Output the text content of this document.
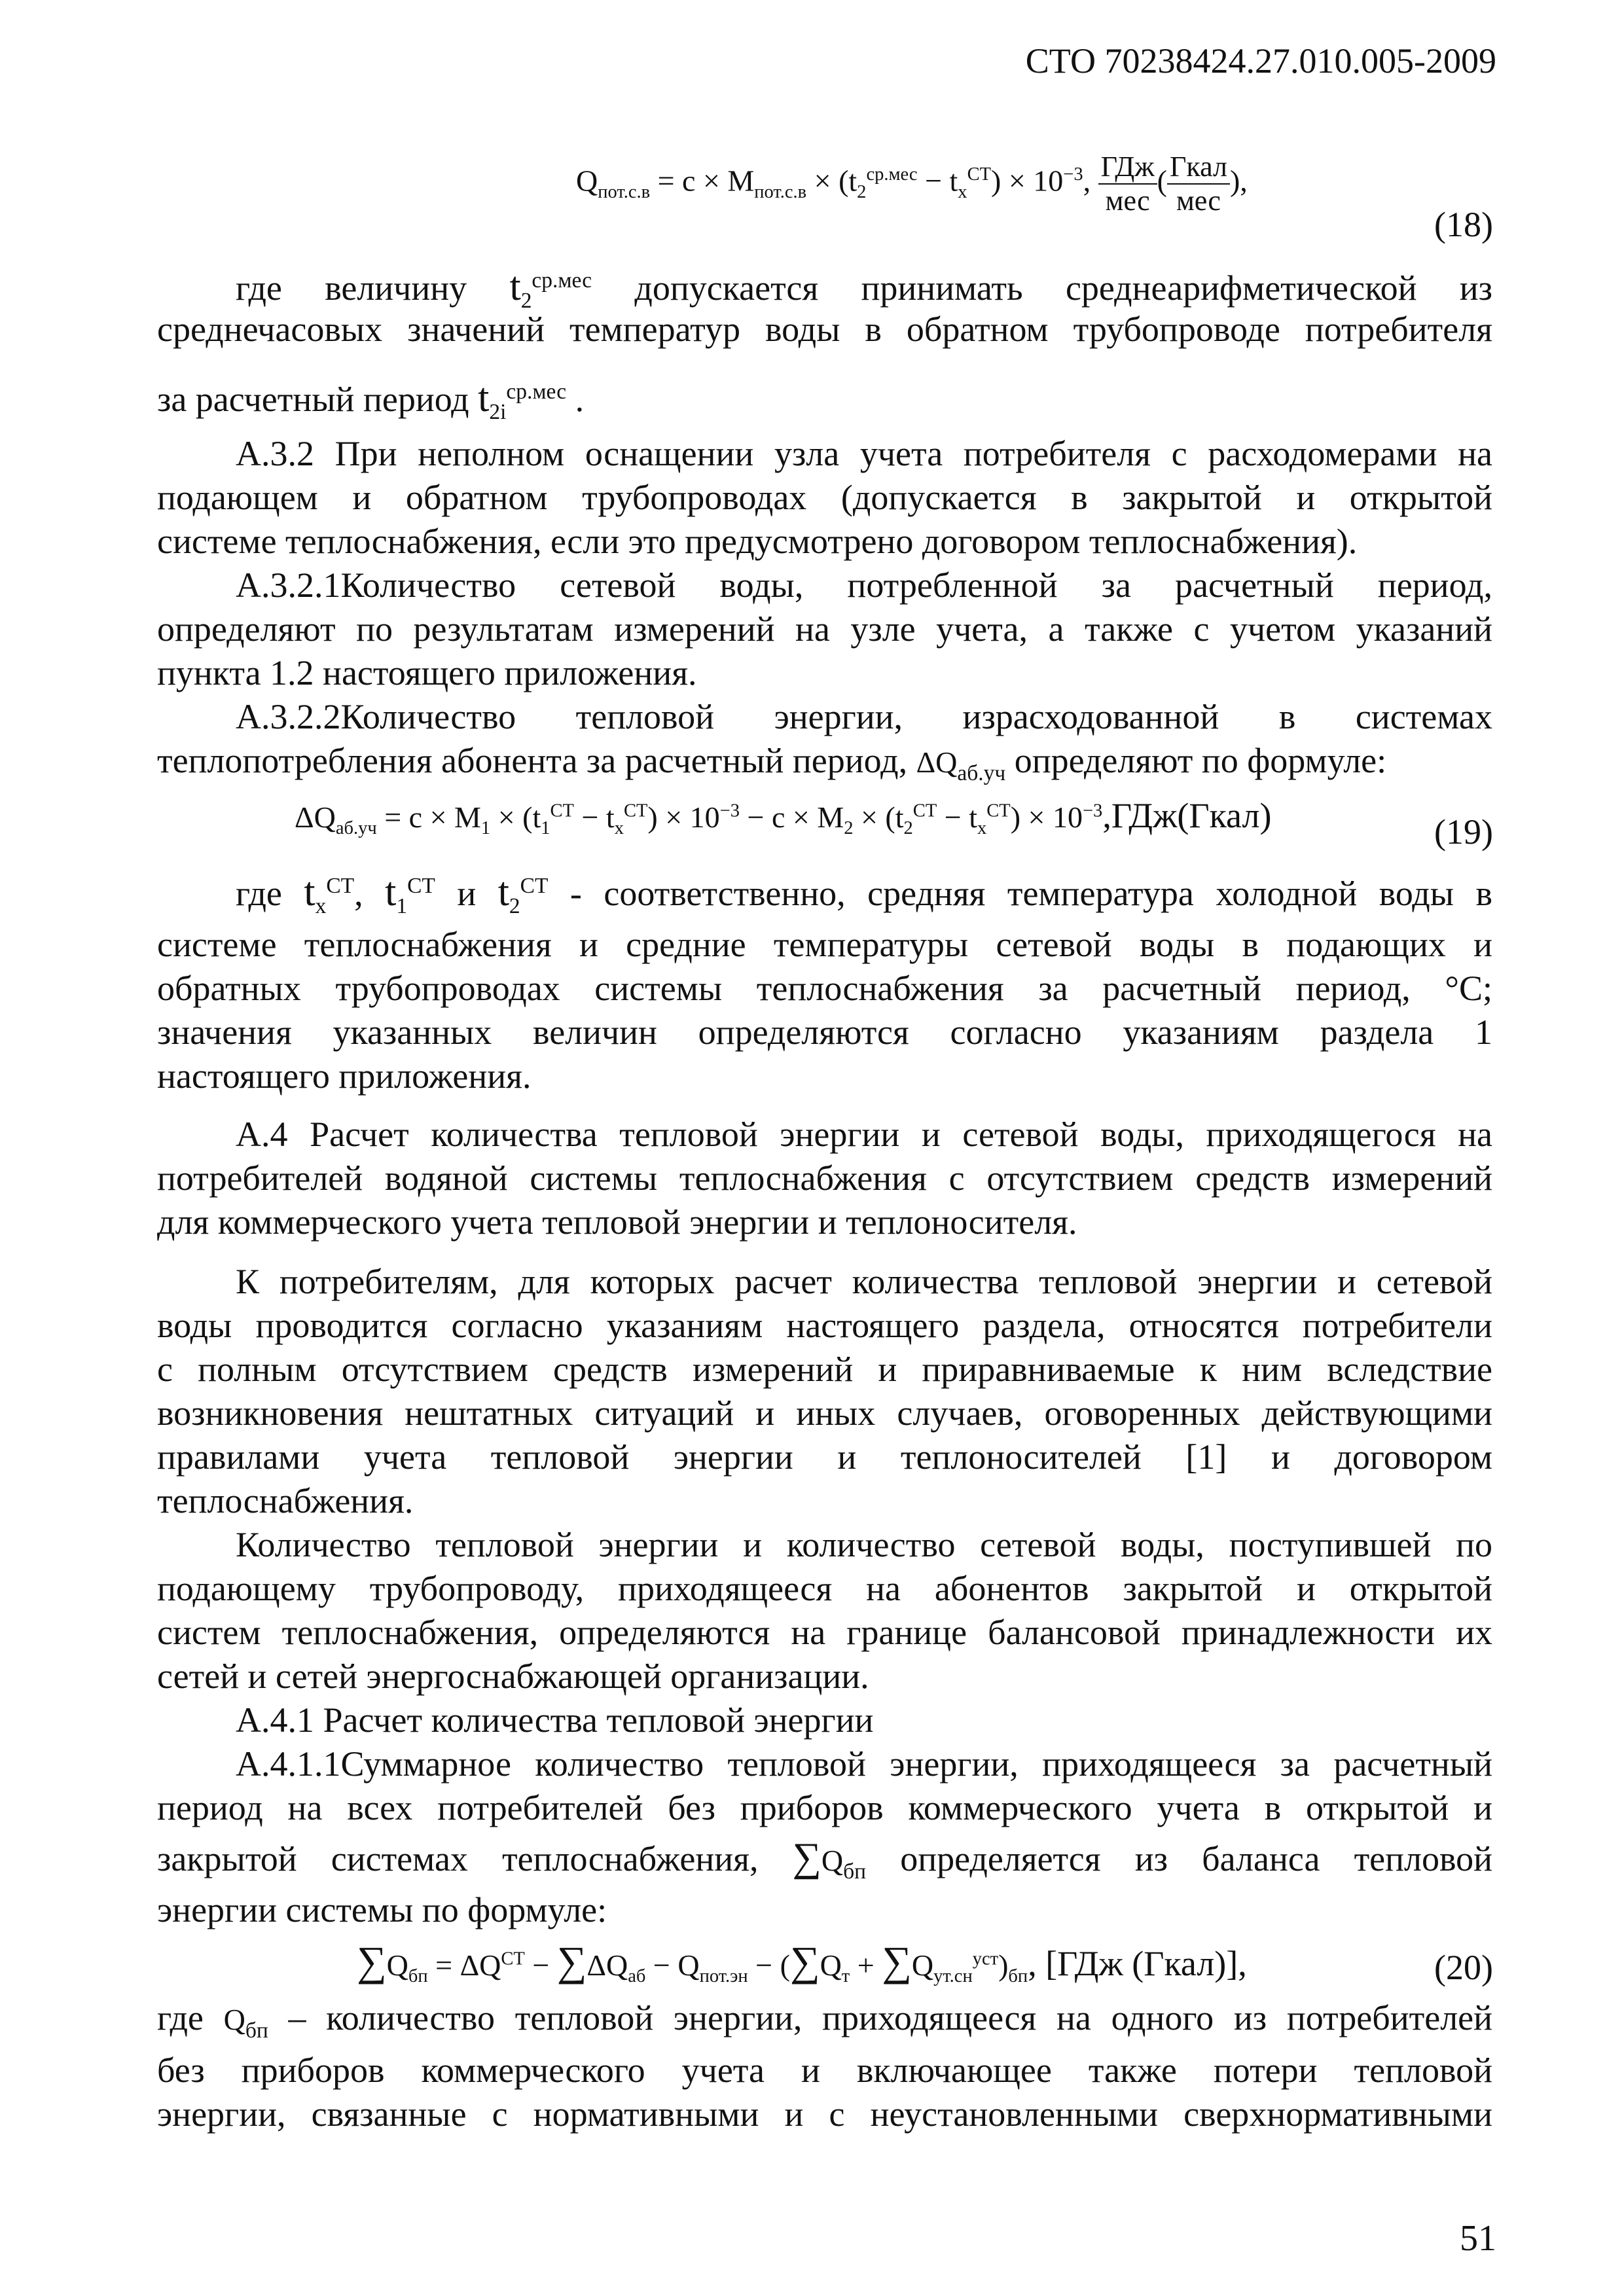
СТО 70238424.27.010.005-2009
$Q_{пот.с.в} = c \times M_{пот.с.в} \times (t_2^{ср.мес} - t_x^{СТ}) \times 10^{-3}$, $\frac{\text{ГДж}}{\text{мес}}$ ( $\frac{\text{Гкал}}{\text{мес}}$ ),
(18)
где величину $t_2^{ср.мес}$ допускается принимать среднеарифметической из
среднечасовых значений температур воды в обратном трубопроводе потребителя
за расчетный период $t_{2i}^{ср.мес}$ .
А.3.2 При неполном оснащении узла учета потребителя с расходомерами на
подающем и обратном трубопроводах (допускается в закрытой и открытой
системе теплоснабжения, если это предусмотрено договором теплоснабжения).
А.3.2.1Количество сетевой воды, потребленной за расчетный период,
определяют по результатам измерений на узле учета, а также с учетом указаний
пункта 1.2 настоящего приложения.
А.3.2.2Количество тепловой энергии, израсходованной в системах
теплопотребления абонента за расчетный период, $\Delta Q_{аб.уч}$ определяют по формуле:
$\Delta Q_{аб.уч} = c \times M_1 \times (t_1^{СТ} - t_x^{СТ}) \times 10^{-3} - c \times M_2 \times (t_2^{СТ} - t_x^{СТ})$ × $10^{-3},ГДж(Гкал)$	(19)
где $t_x^{СТ}$, $t_1^{СТ}$ и $t_2^{СТ}$ - соответственно, средняя температура холодной воды в
системе теплоснабжения и средние температуры сетевой воды в подающих и
обратных трубопроводах системы теплоснабжения за расчетный период, °С;
значения указанных величин определяются согласно указаниям раздела 1
настоящего приложения.
А.4 Расчет количества тепловой энергии и сетевой воды, приходящегося на
потребителей водяной системы теплоснабжения с отсутствием средств измерений
для коммерческого учета тепловой энергии и теплоносителя.
К потребителям, для которых расчет количества тепловой энергии и сетевой
воды проводится согласно указаниям настоящего раздела, относятся потребители
с полным отсутствием средств измерений и приравниваемые к ним вследствие
возникновения нештатных ситуаций и иных случаев, оговоренных действующими
правилами учета тепловой энергии и теплоносителей [1] и договором
теплоснабжения.
Количество тепловой энергии и количество сетевой воды, поступившей по
подающему трубопроводу, приходящееся на абонентов закрытой и открытой
систем теплоснабжения, определяются на границе балансовой принадлежности их
сетей и сетей энергоснабжающей организации.
А.4.1 Расчет количества тепловой энергии
А.4.1.1Суммарное количество тепловой энергии, приходящееся за расчетный
период на всех потребителей без приборов коммерческого учета в открытой и
закрытой системах теплоснабжения, $\sum Q_{бп}$ определяется из баланса тепловой
энергии системы по формуле:
$\sum Q_{бп} = \Delta Q^{СТ} - \sum\Delta Q_{аб} - Q_{пот.эн} - (\sum Q_т + \sum Q_{ут.сн}^{уст})_{бп}$, [ГДж (Гкал)],	(20)
где $Q_{бп}$ – количество тепловой энергии, приходящееся на одного из потребителей
без приборов коммерческого учета и включающее также потери тепловой
энергии, связанные с нормативными и с неустановленными сверхнормативными
51
